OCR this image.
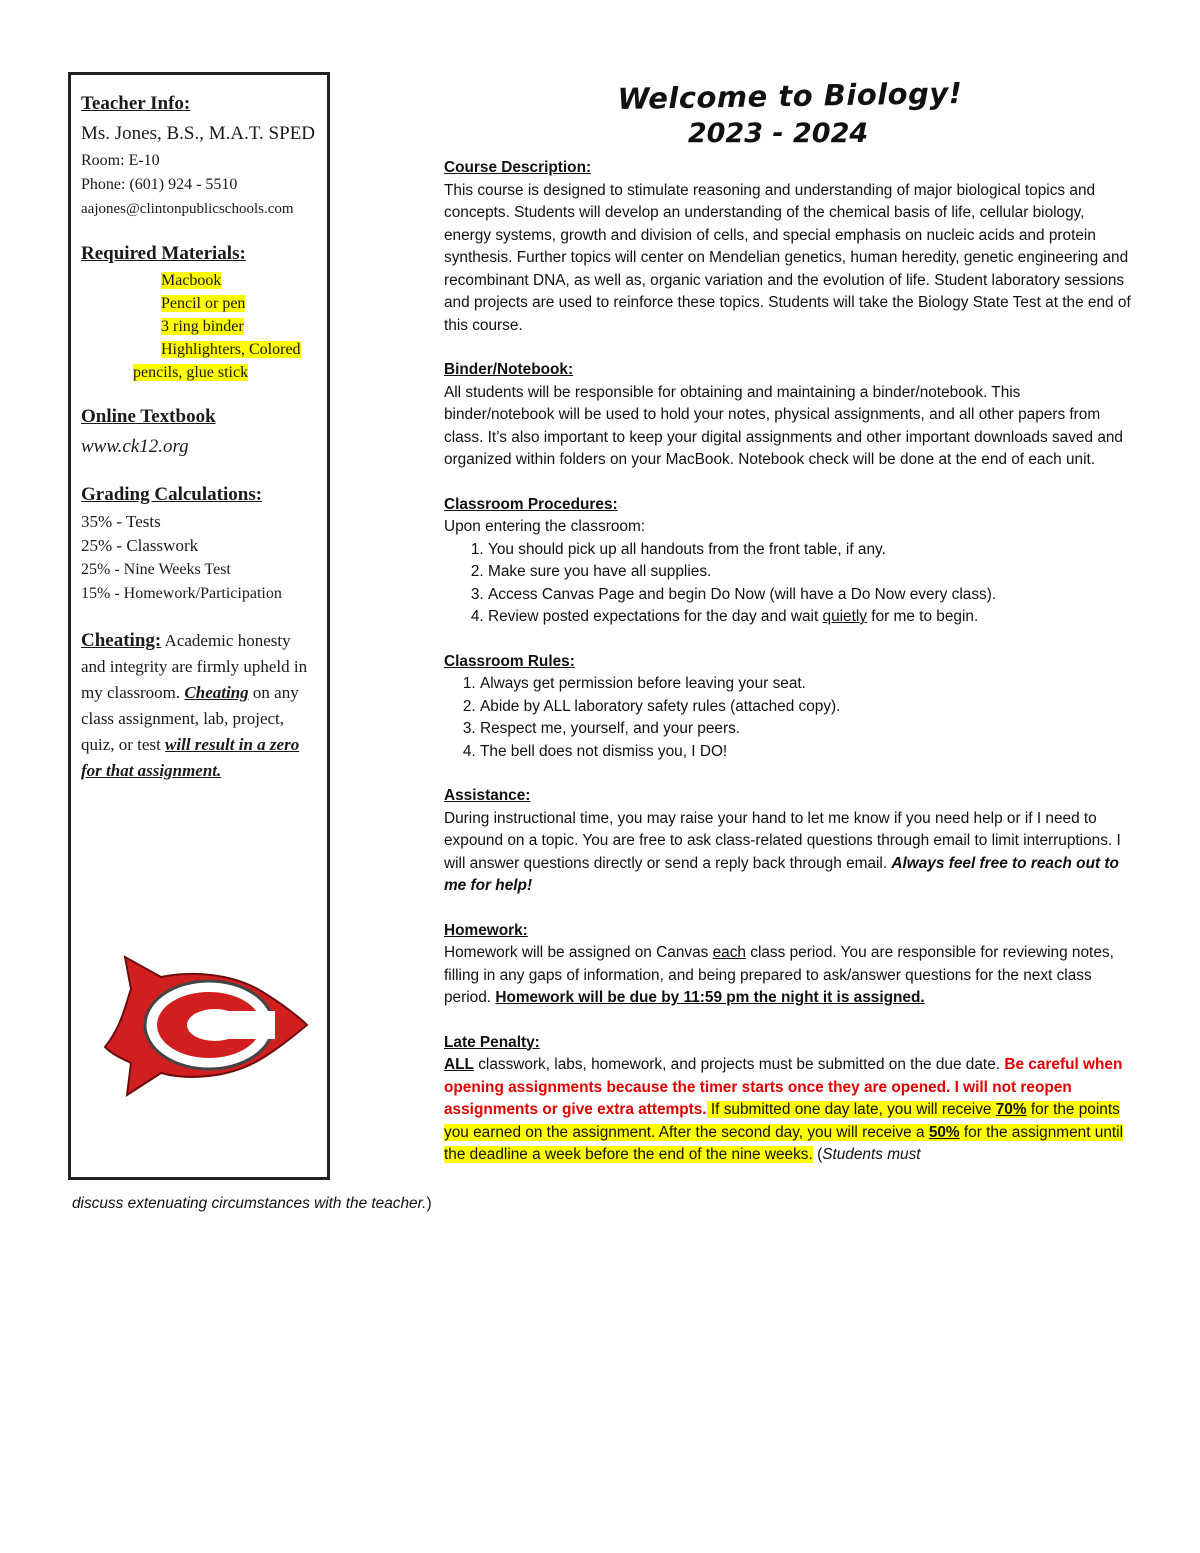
Teacher Info:
Ms. Jones, B.S., M.A.T. SPED
Room: E-10
Phone: (601) 924 - 5510
aajones@clintonpublicschools.com
Required Materials:
Macbook
Pencil or pen
3 ring binder
Highlighters, Colored
pencils, glue stick
Online Textbook
www.ck12.org
Grading Calculations:
35% - Tests
25% - Classwork
25% - Nine Weeks Test
15% - Homework/Participation
Cheating: Academic honesty and integrity are firmly upheld in my classroom. Cheating on any class assignment, lab, project, quiz, or test will result in a zero for that assignment.
C
Welcome to Biology!
2023 - 2024
Course Description:
This course is designed to stimulate reasoning and understanding of major biological topics and concepts. Students will develop an understanding of the chemical basis of life, cellular biology, energy systems, growth and division of cells, and special emphasis on nucleic acids and protein synthesis. Further topics will center on Mendelian genetics, human heredity, genetic engineering and recombinant DNA, as well as, organic variation and the evolution of life. Student laboratory sessions and projects are used to reinforce these topics. Students will take the Biology State Test at the end of this course.
Binder/Notebook:
All students will be responsible for obtaining and maintaining a binder/notebook. This binder/notebook will be used to hold your notes, physical assignments, and all other papers from class. It’s also important to keep your digital assignments and other important downloads saved and organized within folders on your MacBook. Notebook check will be done at the end of each unit.
Classroom Procedures:
Upon entering the classroom:
1. You should pick up all handouts from the front table, if any.
2. Make sure you have all supplies.
3. Access Canvas Page and begin Do Now (will have a Do Now every class).
4. Review posted expectations for the day and wait quietly for me to begin.
Classroom Rules:
1. Always get permission before leaving your seat.
2. Abide by ALL laboratory safety rules (attached copy).
3. Respect me, yourself, and your peers.
4. The bell does not dismiss you, I DO!
Assistance:
During instructional time, you may raise your hand to let me know if you need help or if I need to expound on a topic. You are free to ask class-related questions through email to limit interruptions. I will answer questions directly or send a reply back through email. Always feel free to reach out to me for help!
Homework:
Homework will be assigned on Canvas each class period. You are responsible for reviewing notes, filling in any gaps of information, and being prepared to ask/answer questions for the next class period. Homework will be due by 11:59 pm the night it is assigned.
Late Penalty:
ALL classwork, labs, homework, and projects must be submitted on the due date. Be careful when opening assignments because the timer starts once they are opened. I will not reopen assignments or give extra attempts. If submitted one day late, you will receive 70% for the points you earned on the assignment. After the second day, you will receive a 50% for the assignment until the deadline a week before the end of the nine weeks. (Students must
discuss extenuating circumstances with the teacher.)
